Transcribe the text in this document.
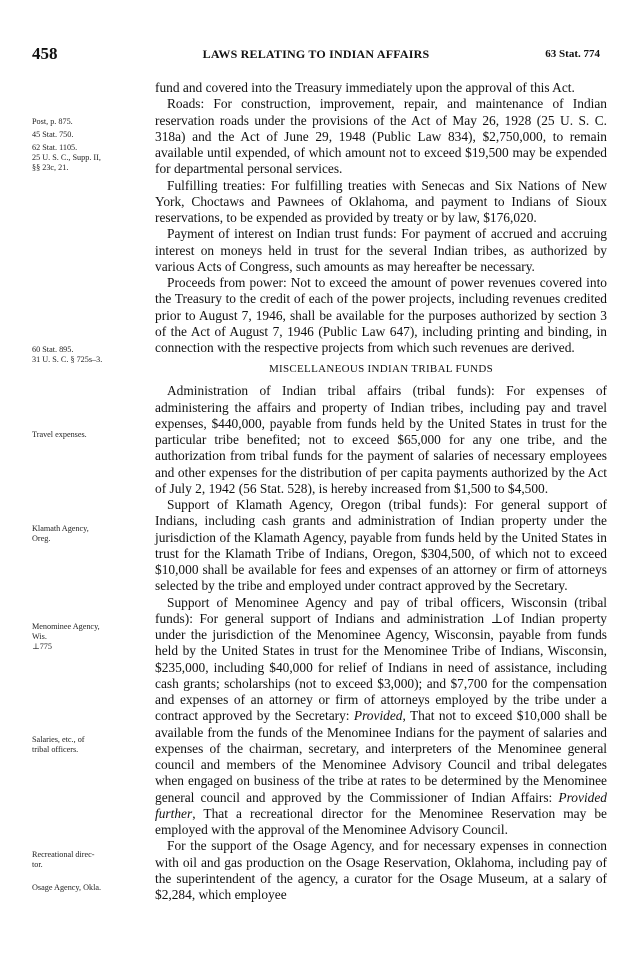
458	LAWS RELATING TO INDIAN AFFAIRS	63 Stat. 774
Post, p. 875.
45 Stat. 750.
62 Stat. 1105.
25 U. S. C., Supp. II,
§§ 23c, 21.
60 Stat. 895.
31 U. S. C. § 725s–3.
Travel expenses.
Klamath Agency,
Oreg.
Menominee Agency,
Wis.
⊥775
Salaries, etc., of
tribal officers.
Recreational direc-
tor.
Osage Agency, Okla.

fund and covered into the Treasury immediately upon the approval of this Act.

Roads: For construction, improvement, repair, and maintenance of Indian reservation roads under the provisions of the Act of May 26, 1928 (25 U. S. C. 318a) and the Act of June 29, 1948 (Public Law 834), $2,750,000, to remain available until expended, of which amount not to exceed $19,500 may be expended for departmental personal services.

Fulfilling treaties: For fulfilling treaties with Senecas and Six Nations of New York, Choctaws and Pawnees of Oklahoma, and payment to Indians of Sioux reservations, to be expended as provided by treaty or by law, $176,020.

Payment of interest on Indian trust funds: For payment of accrued and accruing interest on moneys held in trust for the several Indian tribes, as authorized by various Acts of Congress, such amounts as may hereafter be necessary.

Proceeds from power: Not to exceed the amount of power revenues covered into the Treasury to the credit of each of the power projects, including revenues credited prior to August 7, 1946, shall be available for the purposes authorized by section 3 of the Act of August 7, 1946 (Public Law 647), including printing and binding, in connection with the respective projects from which such revenues are derived.

MISCELLANEOUS INDIAN TRIBAL FUNDS

Administration of Indian tribal affairs (tribal funds): For expenses of administering the affairs and property of Indian tribes, including pay and travel expenses, $440,000, payable from funds held by the United States in trust for the particular tribe benefited; not to exceed $65,000 for any one tribe, and the authorization from tribal funds for the payment of salaries of necessary employees and other expenses for the distribution of per capita payments authorized by the Act of July 2, 1942 (56 Stat. 528), is hereby increased from $1,500 to $4,500.

Support of Klamath Agency, Oregon (tribal funds): For general support of Indians, including cash grants and administration of Indian property under the jurisdiction of the Klamath Agency, payable from funds held by the United States in trust for the Klamath Tribe of Indians, Oregon, $304,500, of which not to exceed $10,000 shall be available for fees and expenses of an attorney or firm of attorneys selected by the tribe and employed under contract approved by the Secretary.

Support of Menominee Agency and pay of tribal officers, Wisconsin (tribal funds): For general support of Indians and administration ⊥of Indian property under the jurisdiction of the Menominee Agency, Wisconsin, payable from funds held by the United States in trust for the Menominee Tribe of Indians, Wisconsin, $235,000, including $40,000 for relief of Indians in need of assistance, including cash grants; scholarships (not to exceed $3,000); and $7,700 for the compensation and expenses of an attorney or firm of attorneys employed by the tribe under a contract approved by the Secretary: Provided, That not to exceed $10,000 shall be available from the funds of the Menominee Indians for the payment of salaries and expenses of the chairman, secretary, and interpreters of the Menominee general council and members of the Menominee Advisory Council and tribal delegates when engaged on business of the tribe at rates to be determined by the Menominee general council and approved by the Commissioner of Indian Affairs: Provided further, That a recreational director for the Menominee Reservation may be employed with the approval of the Menominee Advisory Council.

For the support of the Osage Agency, and for necessary expenses in connection with oil and gas production on the Osage Reservation, Oklahoma, including pay of the superintendent of the agency, a curator for the Osage Museum, at a salary of $2,284, which employee
